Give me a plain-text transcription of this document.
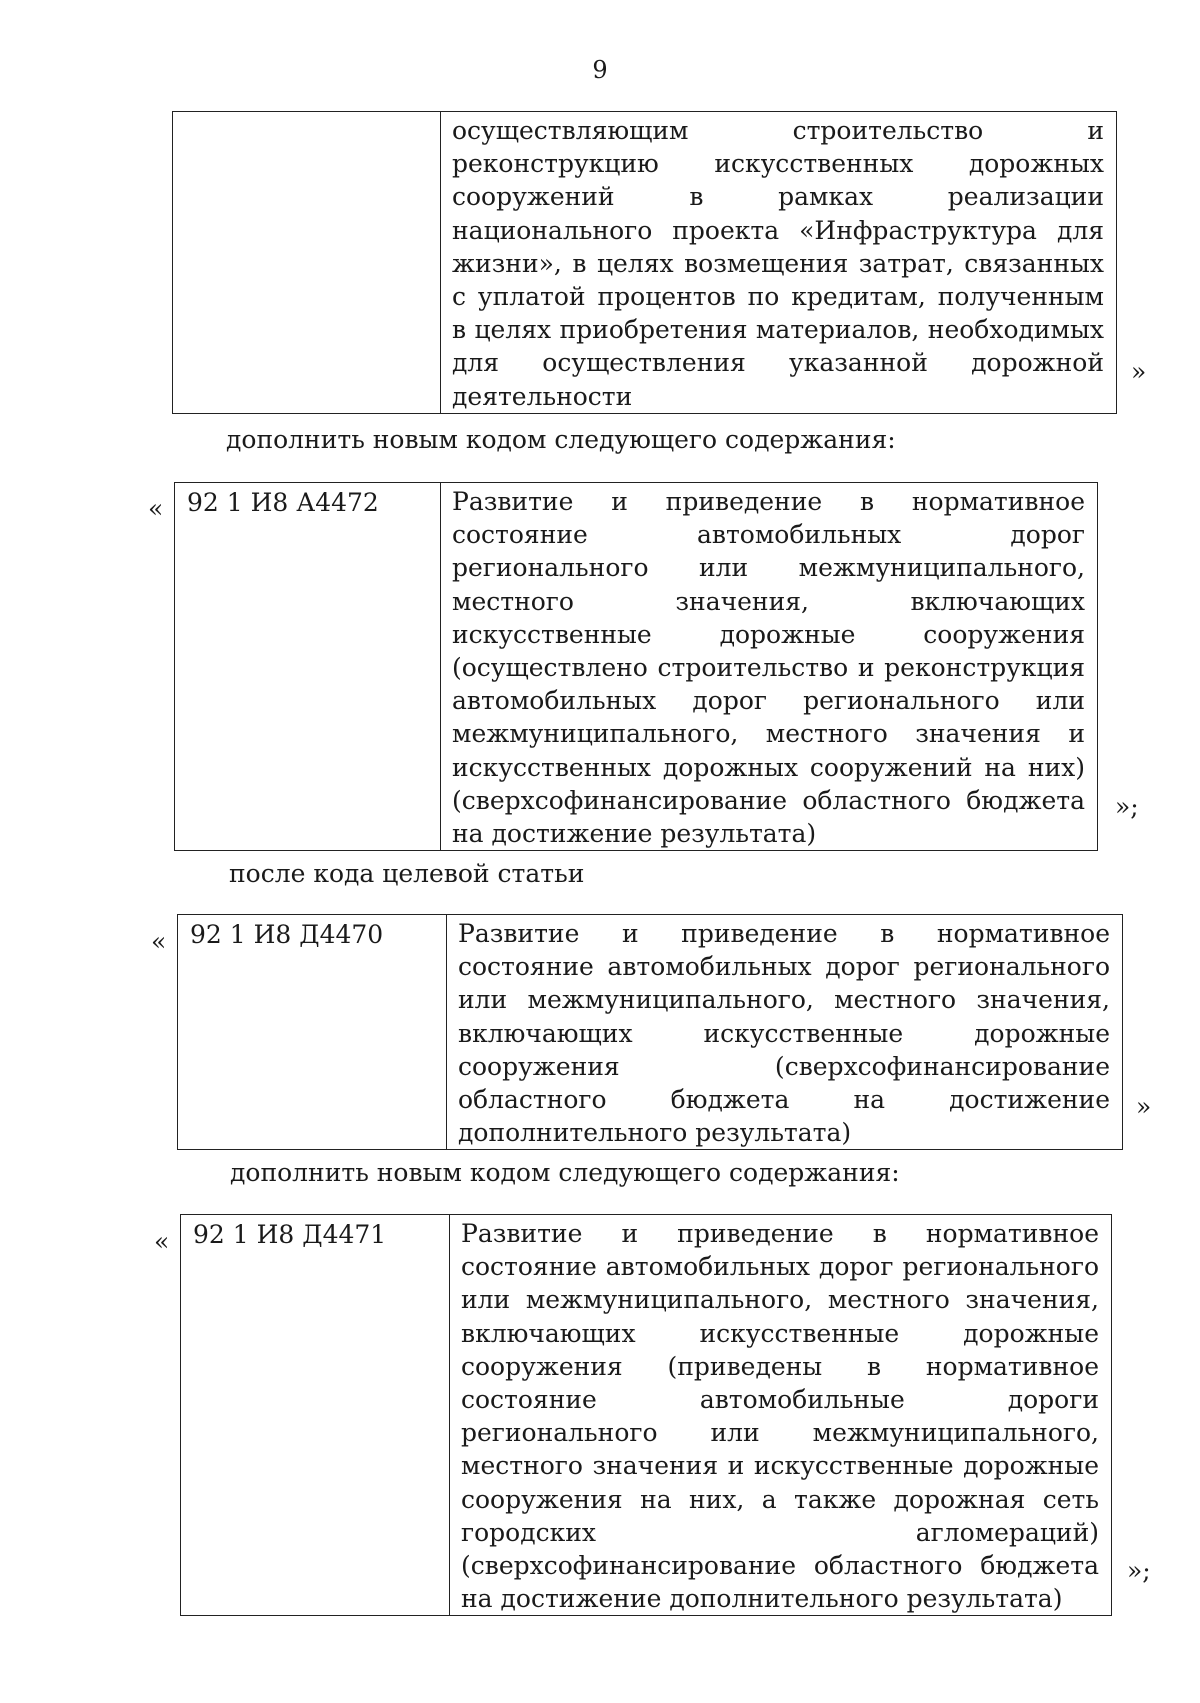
9
	осуществляющим строительство и реконструкцию искусственных дорожных сооружений в рамках реализации национального проекта «Инфраструктура для жизни», в целях возмещения затрат, связанных с уплатой процентов по кредитам, полученным в целях приобретения материалов, необходимых для осуществления указанной дорожной деятельности
»
дополнить новым кодом следующего содержания:
« 92 1 И8 А4472	Развитие и приведение в нормативное состояние автомобильных дорог регионального или межмуниципального, местного значения, включающих искусственные дорожные сооружения (осуществлено строительство и реконструкция автомобильных дорог регионального или межмуниципального, местного значения и искусственных дорожных сооружений на них) (сверхсофинансирование областного бюджета на достижение результата)
»;
после кода целевой статьи
« 92 1 И8 Д4470	Развитие и приведение в нормативное состояние автомобильных дорог регионального или межмуниципального, местного значения, включающих искусственные дорожные сооружения (сверхсофинансирование областного бюджета на достижение дополнительного результата)
»
дополнить новым кодом следующего содержания:
« 92 1 И8 Д4471	Развитие и приведение в нормативное состояние автомобильных дорог регионального или межмуниципального, местного значения, включающих искусственные дорожные сооружения (приведены в нормативное состояние автомобильные дороги регионального или межмуниципального, местного значения и искусственные дорожные сооружения на них, а также дорожная сеть городских агломераций) (сверхсофинансирование областного бюджета на достижение дополнительного результата)
»;
